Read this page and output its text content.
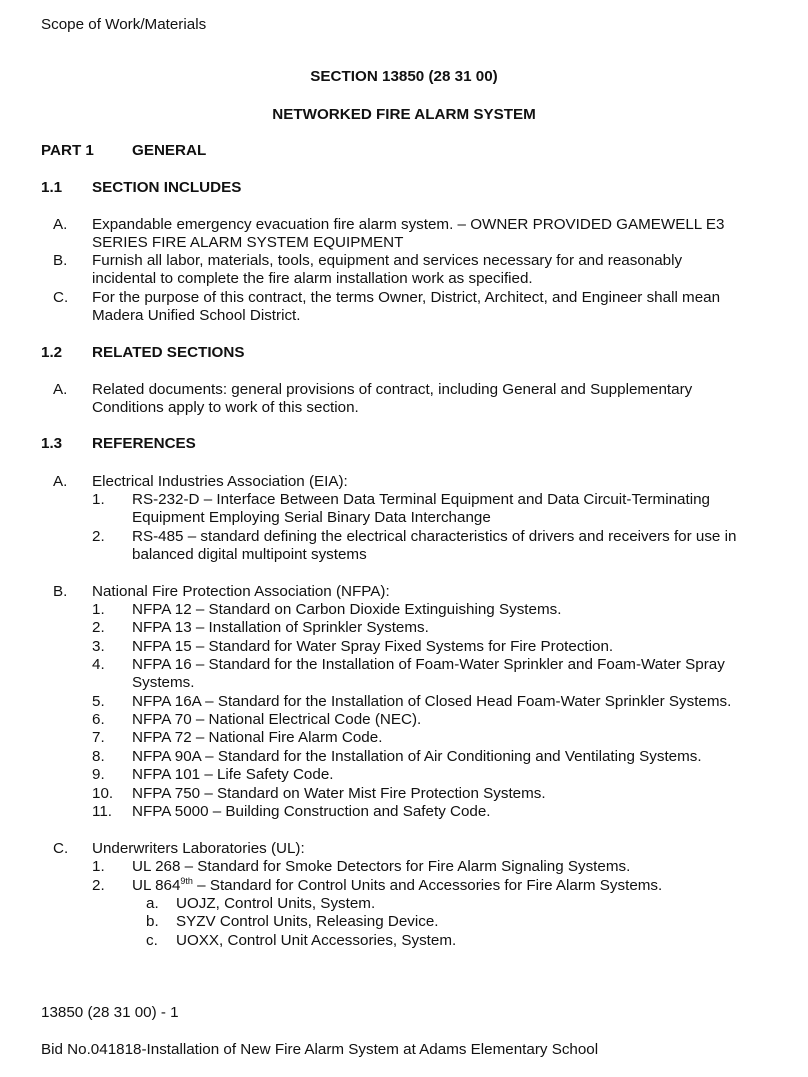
Scope of Work/Materials
SECTION 13850 (28 31 00)
NETWORKED FIRE ALARM SYSTEM
PART 1	GENERAL
1.1 SECTION INCLUDES
A. Expandable emergency evacuation fire alarm system. – OWNER PROVIDED GAMEWELL E3
SERIES FIRE ALARM SYSTEM EQUIPMENT
B. Furnish all labor, materials, tools, equipment and services necessary for and reasonably
incidental to complete the fire alarm installation work as specified.
C. For the purpose of this contract, the terms Owner, District, Architect, and Engineer shall mean
Madera Unified School District.
1.2 RELATED SECTIONS
A. Related documents: general provisions of contract, including General and Supplementary
Conditions apply to work of this section.
1.3 REFERENCES
A. Electrical Industries Association (EIA):
1. RS-232-D – Interface Between Data Terminal Equipment and Data Circuit-Terminating
Equipment Employing Serial Binary Data Interchange
2. RS-485 – standard defining the electrical characteristics of drivers and receivers for use in
balanced digital multipoint systems
B. National Fire Protection Association (NFPA):
1. NFPA 12 – Standard on Carbon Dioxide Extinguishing Systems.
2. NFPA 13 – Installation of Sprinkler Systems.
3. NFPA 15 – Standard for Water Spray Fixed Systems for Fire Protection.
4. NFPA 16 – Standard for the Installation of Foam-Water Sprinkler and Foam-Water Spray
Systems.
5. NFPA 16A – Standard for the Installation of Closed Head Foam-Water Sprinkler Systems.
6. NFPA 70 – National Electrical Code (NEC).
7. NFPA 72 – National Fire Alarm Code.
8. NFPA 90A – Standard for the Installation of Air Conditioning and Ventilating Systems.
9. NFPA 101 – Life Safety Code.
10. NFPA 750 – Standard on Water Mist Fire Protection Systems.
11. NFPA 5000 – Building Construction and Safety Code.
C. Underwriters Laboratories (UL):
1. UL 268 – Standard for Smoke Detectors for Fire Alarm Signaling Systems.
2. UL $864^{9th}$ – Standard for Control Units and Accessories for Fire Alarm Systems.
a. UOJZ, Control Units, System.
b. SYZV Control Units, Releasing Device.
c. UOXX, Control Unit Accessories, System.
13850 (28 31 00) - 1
Bid No.041818-Installation of New Fire Alarm System at Adams Elementary School
